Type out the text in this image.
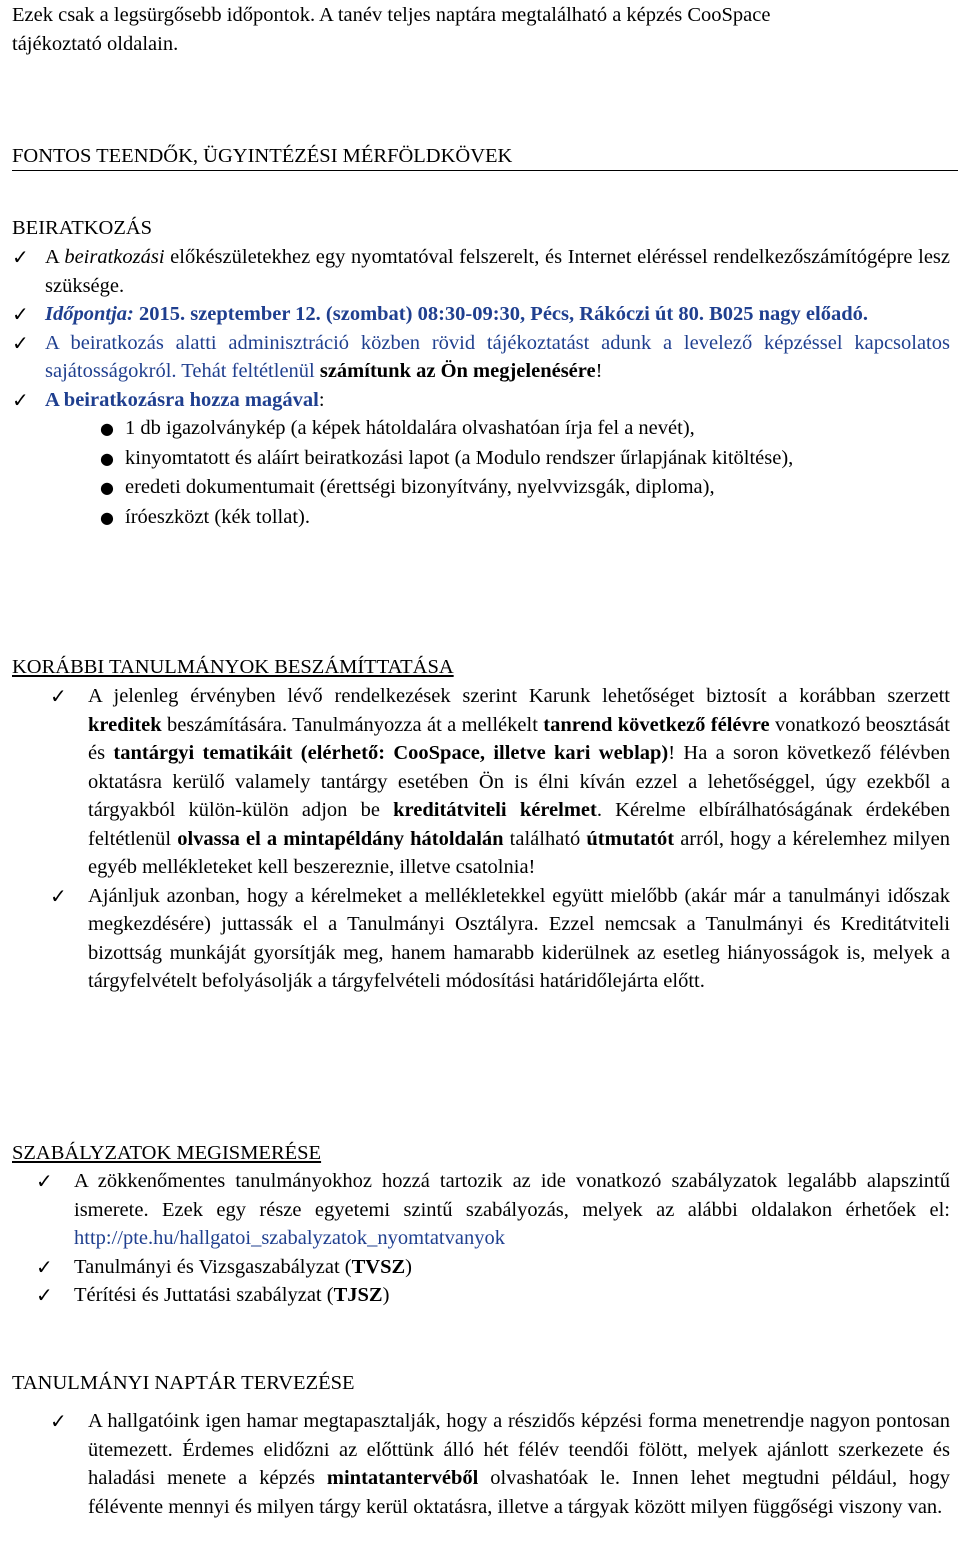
Ezek csak a legsürgősebb időpontok. A tanév teljes naptára megtalálható a képzés CooSpace

tájékoztató oldalain.

FONTOS TEENDŐK, ÜGYINTÉZÉSI MÉRFÖLDKÖVEK

BEIRATKOZÁS

✓ A beiratkozási előkészületekhez egy nyomtatóval felszerelt, és Internet eléréssel rendelkezőszámítógépre lesz szüksége.
✓ Időpontja: 2015. szeptember 12. (szombat) 08:30-09:30, Pécs, Rákóczi út 80. B025 nagy előadó.
✓ A beiratkozás alatti adminisztráció közben rövid tájékoztatást adunk a levelező képzéssel kapcsolatos sajátosságokról. Tehát feltétlenül számítunk az Ön megjelenésére!
✓ A beiratkozásra hozza magával:
● 1 db igazolványkép (a képek hátoldalára olvashatóan írja fel a nevét),
● kinyomtatott és aláírt beiratkozási lapot (a Modulo rendszer űrlapjának kitöltése),
● eredeti dokumentumait (érettségi bizonyítvány, nyelvvizsgák, diploma),
● íróeszközt (kék tollat).

KORÁBBI TANULMÁNYOK BESZÁMÍTTATÁSA

✓	A jelenleg érvényben lévő rendelkezések szerint Karunk lehetőséget biztosít a korábban szerzett kreditek beszámítására. Tanulmányozza át a mellékelt tanrend következő félévre vonatkozó beosztását és tantárgyi tematikáit (elérhető: CooSpace, illetve kari weblap)! Ha a soron következő félévben oktatásra kerülő valamely tantárgy esetében Ön is élni kíván ezzel a lehetőséggel, úgy ezekből a tárgyakból külön-külön adjon be kreditátviteli kérelmet. Kérelme elbírálhatóságának érdekében feltétlenül olvassa el a mintapéldány hátoldalán található útmutatót arról, hogy a kérelemhez milyen egyéb mellékleteket kell beszereznie, illetve csatolnia!
✓	Ajánljuk azonban, hogy a kérelmeket a mellékletekkel együtt mielőbb (akár már a tanulmányi időszak megkezdésére) juttassák el a Tanulmányi Osztályra. Ezzel nemcsak a Tanulmányi és Kreditátviteli bizottság munkáját gyorsítják meg, hanem hamarabb kiderülnek az esetleg hiányosságok is, melyek a tárgyfelvételt befolyásolják a tárgyfelvételi módosítási határidőlejárta előtt.

SZABÁLYZATOK MEGISMERÉSE

✓	A zökkenőmentes tanulmányokhoz hozzá tartozik az ide vonatkozó szabályzatok legalább alapszintű ismerete. Ezek egy része egyetemi szintű szabályozás, melyek az alábbi oldalakon érhetőek el: http://pte.hu/hallgatoi_szabalyzatok_nyomtatvanyok
✓	Tanulmányi és Vizsgaszabályzat (TVSZ)
✓	Térítési és Juttatási szabályzat (TJSZ)

TANULMÁNYI NAPTÁR TERVEZÉSE

✓	A hallgatóink igen hamar megtapasztalják, hogy a részidős képzési forma menetrendje nagyon pontosan ütemezett. Érdemes elidőzni az előttünk álló hét félév teendői fölött, melyek ajánlott szerkezete és haladási menete a képzés mintatantervéből olvashatóak le. Innen lehet megtudni például, hogy félévente mennyi és milyen tárgy kerül oktatásra, illetve a tárgyak között milyen függőségi viszony van.
